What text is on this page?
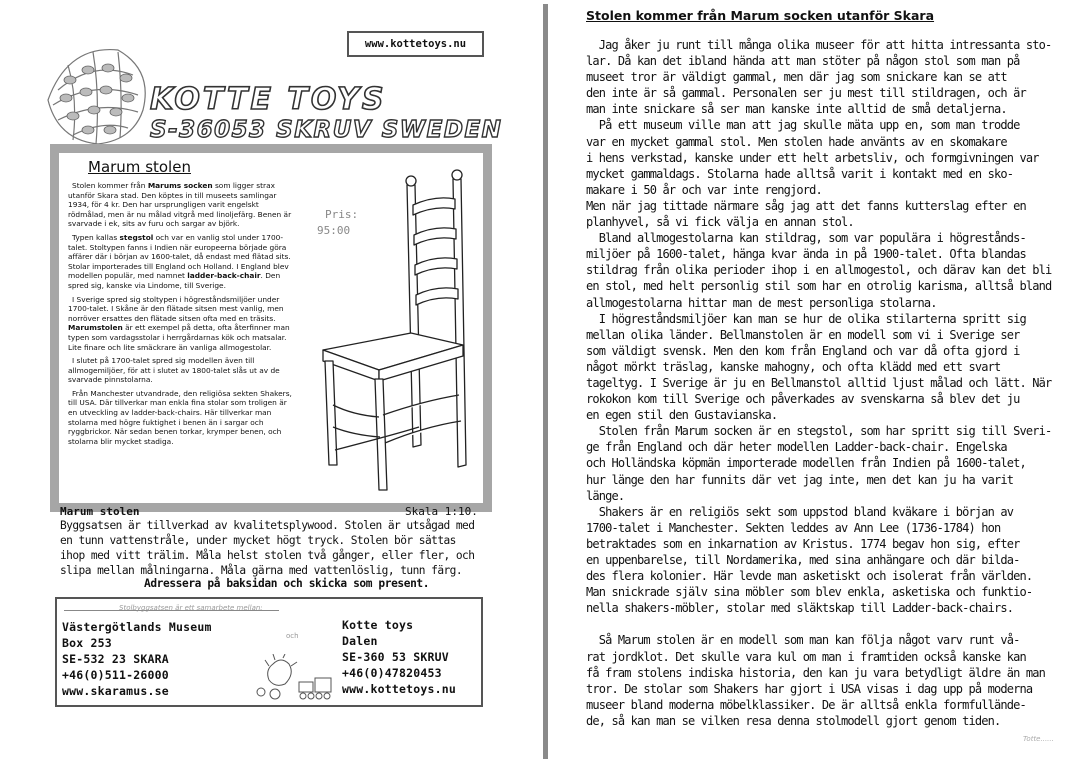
www.kottetoys.nu
KOTTE TOYS
S-36053 SKRUV SWEDEN
Marum stolen

Stolen kommer från Marums socken som ligger strax utanför Skara stad. Den köptes in till museets samlingar 1934, för 4 kr. Den har ursprungligen varit engelskt rödmålad, men är nu målad vitgrå med linoljefärg. Benen är svarvade i ek, sits av furu och sargar av björk.

Typen kallas stegstol och var en vanlig stol under 1700-talet. Stoltypen fanns i Indien när europeerna började göra affärer där i början av 1600-talet, då endast med flätad sits. Stolar importerades till England och Holland. I England blev modellen populär, med namnet ladder-back-chair. Den spred sig, kanske via Lindome, till Sverige.

I Sverige spred sig stoltypen i högreståndsmiljöer under 1700-talet. I Skåne är den flätade sitsen mest vanlig, men norröver ersattes den flätade sitsen ofta med en träsits. Marumstolen är ett exempel på detta, ofta återfinner man typen som vardagsstolar i herrgårdarnas kök och matsalar. Lite finare och lite smäckrare än vanliga allmogestolar.

I slutet på 1700-talet spred sig modellen även till allmogemiljöer, för att i slutet av 1800-talet slås ut av de svarvade pinnstolarna.

Från Manchester utvandrade, den religiösa sekten Shakers, till USA. Där tillverkar man enkla fina stolar som troligen är en utveckling av ladder-back-chairs. Här tillverkar man stolarna med högre fuktighet i benen än i sargar och ryggbrickor. När sedan benen torkar, krymper benen, och stolarna blir mycket stadiga.

Pris:
95:00
Marum stolen	Skala 1:10.
Byggsatsen är tillverkad av kvalitetsplywood. Stolen är utsågad med en tunn vattenstråle, under mycket högt tryck. Stolen bör sättas ihop med vitt trälim. Måla helst stolen två gånger, eller fler, och slipa mellan målningarna. Måla gärna med vattenlöslig, tunn färg.
Adressera på baksidan och skicka som present.
Stolbyggsatsen är ett samarbete mellan:
Västergötlands Museum
Box 253
SE-532 23 SKARA
+46(0)511-26000
www.skaramus.se
och
Kotte toys
Dalen
SE-360 53 SKRUV
+46(0)47820453
www.kottetoys.nu
Stolen kommer från Marum socken utanför Skara
Jag åker ju runt till många olika museer för att hitta intressanta sto-
lar. Då kan det ibland hända att man stöter på någon stol som man på
museet tror är väldigt gammal, men där jag som snickare kan se att
den inte är så gammal. Personalen ser ju mest till stildragen, och är
man inte snickare så ser man kanske inte alltid de små detaljerna.
På ett museum ville man att jag skulle mäta upp en, som man trodde
var en mycket gammal stol. Men stolen hade använts av en skomakare
i hens verkstad, kanske under ett helt arbetsliv, och formgivningen var
mycket gammaldags. Stolarna hade alltså varit i kontakt med en sko-
makare i 50 år och var inte rengjord.
Men när jag tittade närmare såg jag att det fanns kutterslag efter en
planhyvel, så vi fick välja en annan stol.
Bland allmogestolarna kan stildrag, som var populära i högrestånds-
miljöer på 1600-talet, hänga kvar ända in på 1900-talet. Ofta blandas
stildrag från olika perioder ihop i en allmogestol, och därav kan det bli
en stol, med helt personlig stil som har en otrolig karisma, alltså bland
allmogestolarna hittar man de mest personliga stolarna.
I högreståndsmiljöer kan man se hur de olika stilarterna spritt sig
mellan olika länder. Bellmanstolen är en modell som vi i Sverige ser
som väldigt svensk. Men den kom från England och var då ofta gjord i
något mörkt träslag, kanske mahogny, och ofta klädd med ett svart
tageltyg. I Sverige är ju en Bellmanstol alltid ljust målad och lätt. När
rokokon kom till Sverige och påverkades av svenskarna så blev det ju
en egen stil den Gustavianska.
Stolen från Marum socken är en stegstol, som har spritt sig till Sveri-
ge från England och där heter modellen Ladder-back-chair. Engelska
och Holländska köpmän importerade modellen från Indien på 1600-talet,
hur länge den har funnits där vet jag inte, men det kan ju ha varit
länge.
Shakers är en religiös sekt som uppstod bland kväkare i början av
1700-talet i Manchester. Sekten leddes av Ann Lee (1736-1784) hon
betraktades som en inkarnation av Kristus. 1774 begav hon sig, efter
en uppenbarelse, till Nordamerika, med sina anhängare och där bilda-
des flera kolonier. Här levde man asketiskt och isolerat från världen.
Man snickrade själv sina möbler som blev enkla, asketiska och funktio-
nella shakers-möbler, stolar med släktskap till Ladder-back-chairs.
Så Marum stolen är en modell som man kan följa något varv runt vå-
rat jordklot. Det skulle vara kul om man i framtiden också kanske kan
få fram stolens indiska historia, den kan ju vara betydligt äldre än man
tror. De stolar som Shakers har gjort i USA visas i dag upp på moderna
museer bland moderna möbelklassiker. De är alltså enkla formfullände-
de, så kan man se vilken resa denna stolmodell gjort genom tiden.
Totte......
